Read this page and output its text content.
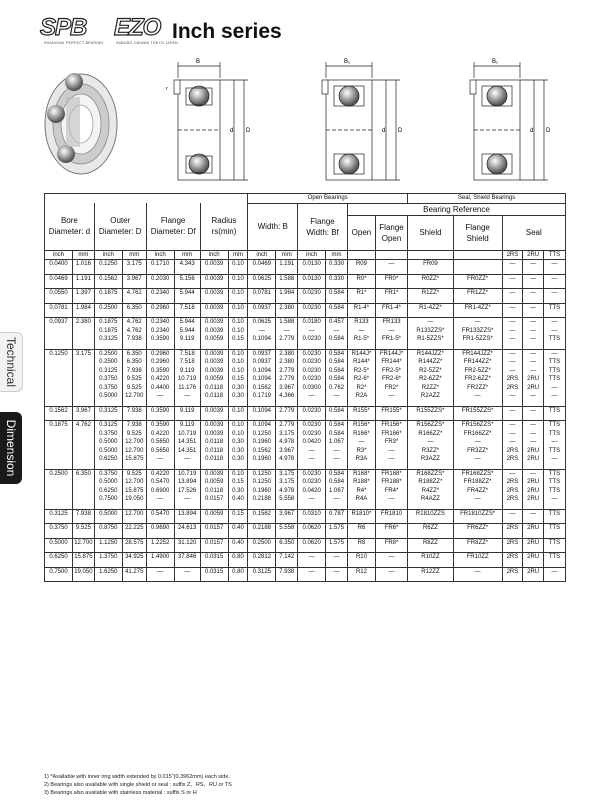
SPB
SHANGHAI PERFECT BEARING
EZO
SABURO OIKAWA TOKYO JAPAN
Inch series
B
d D
r
B₁
d D
B₁
d D
Technical
Dimension
								Open Bearings						Seal, Shield Bearings				
Bore Diameter: d		Outer Diameter: D		Flange Diameter: Df		Radius rs(min)		Width: B		Flange Width: Bf		Bearing Reference						
												Open	Flange Open	Shield	Flange Shield	Seal		
inch	mm	inch	mm	inch	mm	inch	mm	inch	mm	inch	mm					2RS	2RU	TTS
0.0400	1.016	0.1250	3.175	0.1710	4.343	0.0039	0.10	0.0469	1.191	0.0130	0.330	R09	—	FR09		—	—	—

0.0469	1.191	0.1562	3.967	0.2030	5.156	0.0039	0.10	0.0625	1.588	0.0130	0.330	R0*	FR0*	R0ZZ*	FR0ZZ*	—	—	—

0.0550	1.397	0.1875	4.762	0.2340	5.944	0.0039	0.10	0.0781	1.984	0.0230	0.584	R1*	FR1*	R1ZZ*	FR1ZZ*	—	—	—

0.0781	1.984	0.2500	6.350	0.2960	7.518	0.0039	0.10	0.0937	2.380	0.0230	0.584	R1-4*	FR1-4*	R1-4ZZ*	FR1-4ZZ*	—	—	TTS

0.0937	2.380	0.1875	4.762	0.2340	5.944	0.0039	0.10	0.0625	1.588	0.0180	0.457	R133	FR133	—	—	—	—	—
		0.1875	4.762	0.2340	5.944	0.0039	0.10	—	—	—	—	—	—	R133ZZS*	FR133ZZS*	—	—	—
		0.3125	7.938	0.3590	9.119	0.0059	0.15	0.1094	2.779	0.0230	0.584	R1-5*	FR1-5*	R1-5ZZS*	FR1-5ZZS*	—	—	TTS

0.1250	3.175	0.2500	6.350	0.2960	7.518	0.0039	0.10	0.0937	2.380	0.0230	0.584	R144J*	FR144J*	R144JZZ*	FR144JZZ*	—	—	—
		0.2500	6.350	0.2960	7.518	0.0039	0.10	0.0937	2.380	0.0230	0.584	R144*	FR144*	R144ZZ*	FR144ZZ*	—	—	TTS
		0.3125	7.938	0.3590	9.119	0.0039	0.10	0.1094	2.779	0.0230	0.584	R2-5*	FR2-5*	R2-5ZZ*	FR2-5ZZ*	—	—	TTS
		0.3750	9.525	0.4220	10.719	0.0059	0.15	0.1094	2.779	0.0230	0.584	R2-6*	FR2-6*	R2-6ZZ*	FR2-6ZZ*	2RS	2RU	TTS
		0.3750	9.525	0.4400	11.176	0.0118	0.30	0.1562	3.967	0.0300	0.762	R2*	FR2*	R2ZZ*	FR2ZZ*	2RS	2RU	—
		0.5000	12.700	—	—	0.0118	0.30	0.1719	4.366	—	—	R2A	—	R2AZZ	—	—	—	—

0.1562	3.967	0.3125	7.938	0.3590	9.119	0.0039	0.10	0.1094	2.779	0.0230	0.584	R155*	FR155*	R155ZZS*	FR155ZZS*	—	—	TTS

0.1875	4.762	0.3125	7.938	0.3590	9.119	0.0039	0.10	0.1094	2.779	0.0230	0.584	R156*	FR156*	R156ZZS*	FR156ZZS*	—	—	TTS
		0.3750	9.525	0.4220	10.719	0.0039	0.10	0.1250	3.175	0.0230	0.584	R166*	FR166*	R166ZZ*	FR166ZZ*	—	—	TTS
		0.5000	12.700	0.5650	14.351	0.0118	0.30	0.1960	4.978	0.0420	1.067	—	FR3*	—	—	—	—	—
		0.5000	12.700	0.5650	14.351	0.0118	0.30	0.1562	3.967	—	—	R3*	—	R3ZZ*	FR3ZZ*	2RS	2RU	TTS
		0.6250	15.875	—	—	0.0118	0.30	0.1960	4.978	—	—	R3A	—	R3AZZ	—	2RS	2RU	—

0.2500	6.350	0.3750	9.525	0.4220	10.719	0.0039	0.10	0.1250	3.175	0.0230	0.584	R168*	FR168*	R168ZZS*	FR168ZZS*	—	—	TTS
		0.5000	12.700	0.5470	13.894	0.0059	0.15	0.1250	3.175	0.0230	0.584	R188*	FR188*	R188ZZ*	FR188ZZ*	2RS	2RU	TTS
		0.6250	15.875	0.6900	17.526	0.0118	0.30	0.1960	4.978	0.0420	1.067	R4*	FR4*	R4ZZ*	FR4ZZ*	2RS	2RU	TTS
		0.7500	19.050	—	—	0.0157	0.40	0.2188	5.558	—	—	R4A	—	R4AZZ	—	2RS	2RU	—

0.3125	7.938	0.5000	12.700	0.5470	13.894	0.0059	0.15	0.1562	3.967	0.0310	0.787	R1810*	FR1810	R1810ZZS	FR1810ZZS*	—	—	TTS

0.3750	9.525	0.8750	22.225	0.9690	24.613	0.0157	0.40	0.2188	5.558	0.0620	1.575	R6	FR6*	R6ZZ	FR6ZZ*	2RS	2RU	TTS

0.5000	12.700	1.1250	28.575	1.2252	31.120	0.0157	0.40	0.2500	6.350	0.0620	1.575	R8	FR8*	R8ZZ	FR8ZZ*	2RS	2RU	TTS

0.6250	15.875	1.3750	34.925	1.4900	37.846	0.0315	0.80	0.2812	7.142	—	—	R10	—	R10ZZ	FR10ZZ	2RS	2RU	TTS

0.7500	19.050	1.6250	41.275	—	—	0.0315	0.80	0.3125	7.938	—	—	R12	—	R12ZZ	—	2RS	2RU	—

1) *Available with inner ring width extended by 0.015"(0.3962mm) each side.
2) Bearings also available with single shield or seal : suffix Z、RS、RU or TS
3) Bearings also available with stainless material : suffix S or H
